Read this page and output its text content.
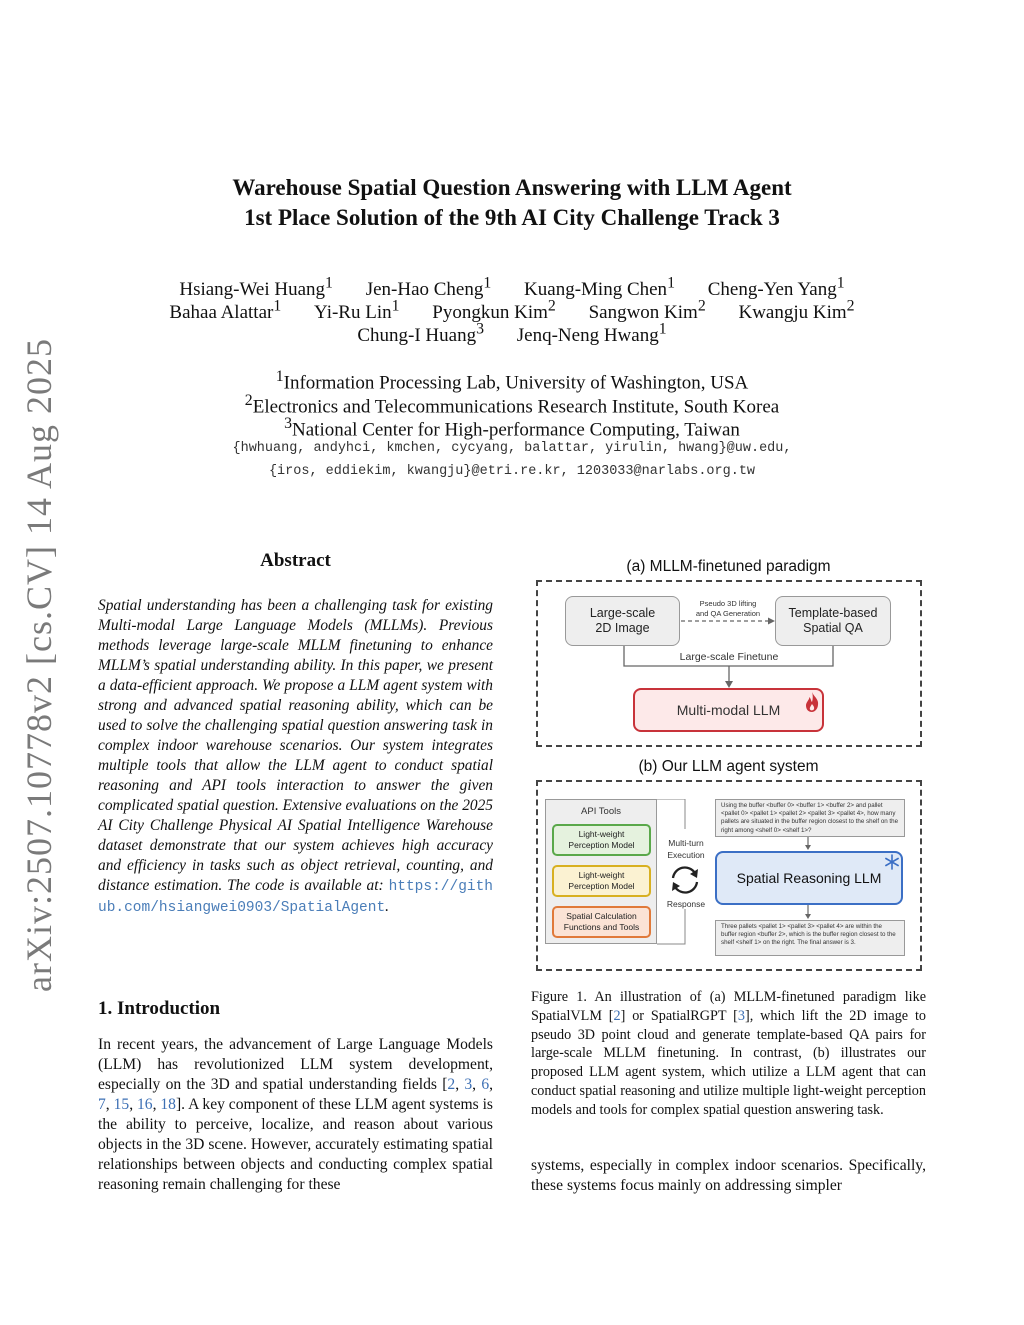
arXiv:2507.10778v2 [cs.CV] 14 Aug 2025
Warehouse Spatial Question Answering with LLM Agent
1st Place Solution of the 9th AI City Challenge Track 3
Hsiang-Wei Huang$^1$ Jen-Hao Cheng$^1$ Kuang-Ming Chen$^1$ Cheng-Yen Yang$^1$
Bahaa Alattar$^1$ Yi-Ru Lin$^1$ Pyongkun Kim$^2$ Sangwon Kim$^2$ Kwangju Kim$^2$
Chung-I Huang$^3$ Jenq-Neng Hwang$^1$
$^1$Information Processing Lab, University of Washington, USA
$^2$Electronics and Telecommunications Research Institute, South Korea
$^3$National Center for High-performance Computing, Taiwan
{hwhuang, andyhci, kmchen, cycyang, balattar, yirulin, hwang}@uw.edu,
{iros, eddiekim, kwangju}@etri.re.kr, 1203033@narlabs.org.tw
Abstract
Spatial understanding has been a challenging task for existing Multi-modal Large Language Models (MLLMs). Previous methods leverage large-scale MLLM finetuning to enhance MLLM’s spatial understanding ability. In this paper, we present a data-efficient approach. We propose a LLM agent system with strong and advanced spatial reasoning ability, which can be used to solve the challenging spatial question answering task in complex indoor warehouse scenarios. Our system integrates multiple tools that allow the LLM agent to conduct spatial reasoning and API tools interaction to answer the given complicated spatial question. Extensive evaluations on the 2025 AI City Challenge Physical AI Spatial Intelligence Warehouse dataset demonstrate that our system achieves high accuracy and efficiency in tasks such as object retrieval, counting, and distance estimation. The code is available at: https://github.com/hsiangwei0903/SpatialAgent.
1. Introduction
In recent years, the advancement of Large Language Models (LLM) has revolutionized LLM system development, especially on the 3D and spatial understanding fields [2, 3, 6, 7, 15, 16, 18]. A key component of these LLM agent systems is the ability to perceive, localize, and reason about various objects in the 3D scene. However, accurately estimating spatial relationships between objects and conducting complex spatial reasoning remain challenging for these
systems, especially in complex indoor scenarios. Specifically, these systems focus mainly on addressing simpler
(a) MLLM-finetuned paradigm
Large-scale
2D Image
Template-based
Spatial QA
Pseudo 3D lifting
and QA Generation
Large-scale Finetune
Multi-modal LLM
(b) Our LLM agent system
API Tools
Light-weight
Perception Model
Light-weight
Perception Model
Spatial Calculation
Functions and Tools
Multi-turn
Execution
Response
Using the buffer <buffer 0> <buffer 1> <buffer 2> and pallet <pallet 0> <pallet 1> <pallet 2> <pallet 3> <pallet 4>, how many pallets are situated in the buffer region closest to the shelf on the right among <shelf 0> <shelf 1>?
Spatial Reasoning LLM
Three pallets <pallet 1> <pallet 3> <pallet 4> are within the buffer region <buffer 2>, which is the buffer region closest to the shelf <shelf 1> on the right. The final answer is 3.
Figure 1. An illustration of (a) MLLM-finetuned paradigm like SpatialVLM [2] or SpatialRGPT [3], which lift the 2D image to pseudo 3D point cloud and generate template-based QA pairs for large-scale MLLM finetuning. In contrast, (b) illustrates our proposed LLM agent system, which utilize a LLM agent that can conduct spatial reasoning and utilize multiple light-weight perception models and tools for complex spatial question answering task.
